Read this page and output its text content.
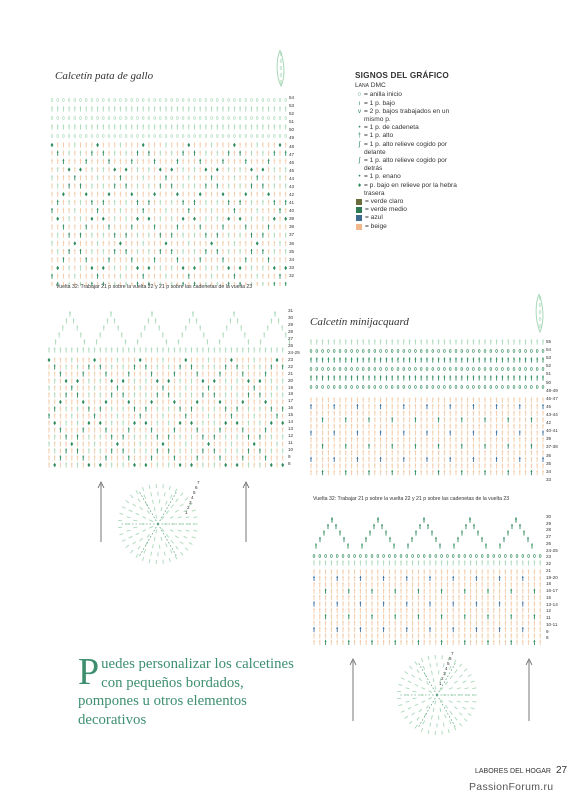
Calcetín pata de gallo
54
53
52
51
50
49
48
47
46
45
44
43
42
41
40
39
38
37
36
35
34
33
32
Vuelta 32: Trabajar 21 p sobre la vuelta 22 y 21 p sobre las cadenetas de la vuelta 23
SIGNOS DEL GRÁFICO
Lana DMC
○ = anilla inicio
ı = 1 p. bajo
v = 2 p. bajos trabajados en un mismo p.
• = 1 p. de cadeneta
† = 1 p. alto
∫ = 1 p. alto relieve cogido por delante
∫ = 1 p. alto relieve cogido por detrás
• = 1 p. enano
♦ = p. bajo en relieve por la hebra trasera
= verde claro
= verde medio
= azul
= beige
31
30
29
28
27
26
24-25
23
22
21
20
19
18
17
16
15
14
13
12
11
10
9
8
7
6
5
4
3
2
1
Calcetín minijacquard
55
54
53
52
51
50
48-49
46-47
45
43-44
42
40-41
39
37-38
36
35
34
33
Vuelta 32: Trabajar 21 p sobre la vuelta 22 y 21 p sobre las cadenetas de la vuelta 23
30
29
28
27
26
24-25
23
22
21
19-20
18
16-17
15
13-14
12
11
10-11
9
8
7
6
5
4
3
2
1
P uedes personalizar los calcetines con pequeños bordados, pompones u otros elementos decorativos
LABORES DEL HOGAR 27
PassionForum.ru
